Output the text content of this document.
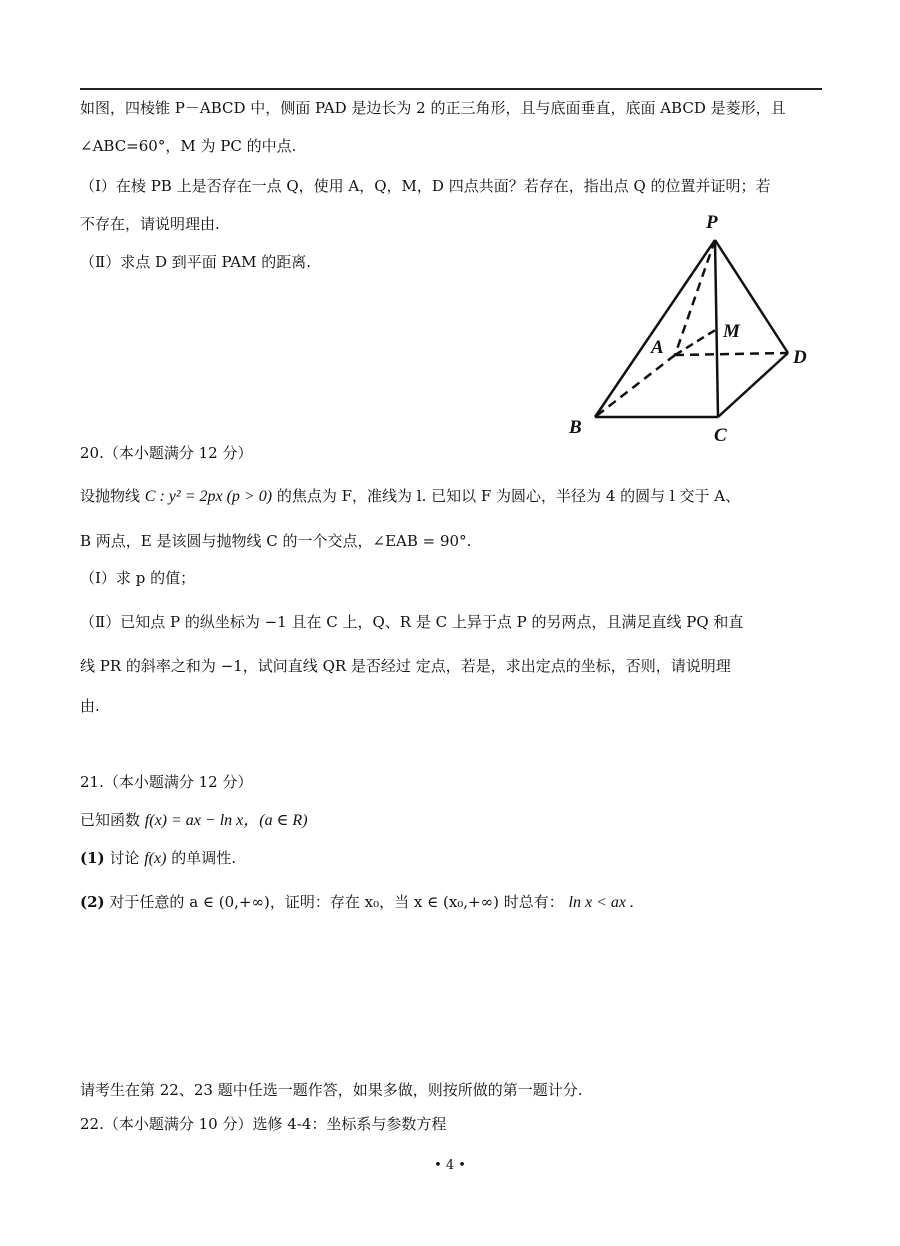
如图，四棱锥 P－ABCD 中，侧面 PAD 是边长为 2 的正三角形，且与底面垂直，底面 ABCD 是菱形，且
∠ABC=60°，M 为 PC 的中点.
（Ⅰ）在棱 PB 上是否存在一点 Q，使用 A，Q，M，D 四点共面？若存在，指出点 Q 的位置并证明；若
不存在，请说明理由.
（Ⅱ）求点 D 到平面 PAM 的距离.
P
M
A	D
B	C
20.（本小题满分 12 分）
设抛物线 C : y² = 2px (p > 0) 的焦点为 F，准线为 l. 已知以 F 为圆心，半径为 4 的圆与 l 交于 A、
B 两点，E 是该圆与抛物线 C 的一个交点，∠EAB = 90°.
（Ⅰ）求 p 的值；
（Ⅱ）已知点 P 的纵坐标为 −1 且在 C 上，Q、R 是 C 上异于点 P 的另两点，且满足直线 PQ 和直
线 PR 的斜率之和为 −1，试问直线 QR 是否经过 定点，若是，求出定点的坐标，否则，请说明理
由.
21.（本小题满分 12 分）
已知函数 f(x) = ax − ln x，(a ∈ R)
(1) 讨论 f(x) 的单调性.
(2) 对于任意的 a ∈ (0,+∞)，证明：存在 x₀，当 x ∈ (x₀,+∞) 时总有： ln x < ax .
请考生在第 22、23 题中任选一题作答，如果多做，则按所做的第一题计分.
22.（本小题满分 10 分）选修 4-4：坐标系与参数方程
• 4 •
